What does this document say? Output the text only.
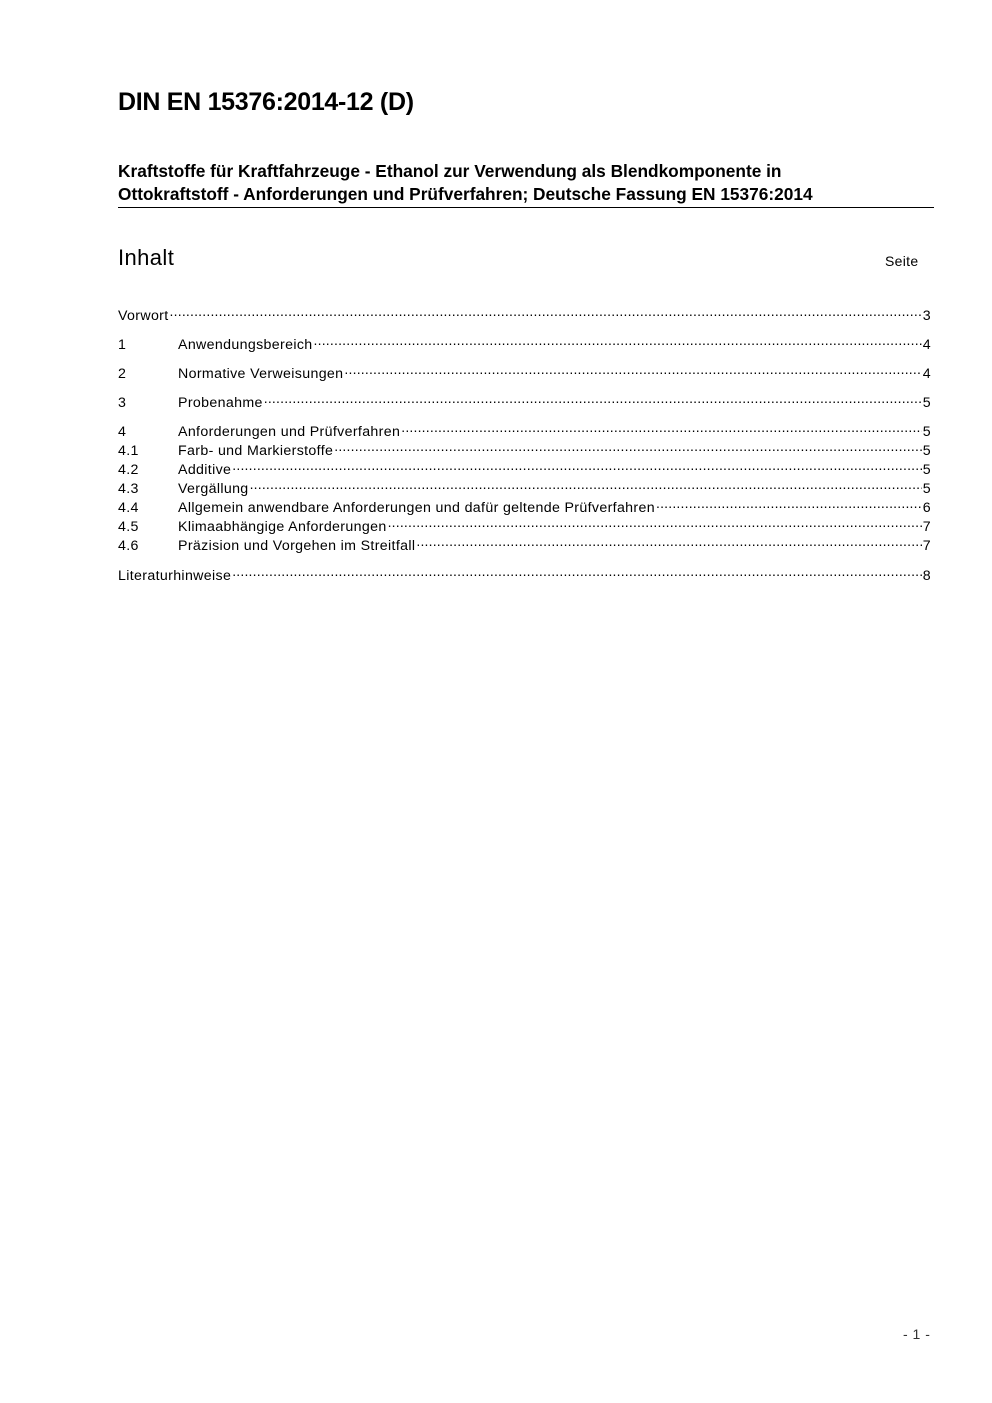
DIN EN 15376:2014-12 (D)
Kraftstoffe für Kraftfahrzeuge - Ethanol zur Verwendung als Blendkomponente in
Ottokraftstoff - Anforderungen und Prüfverfahren; Deutsche Fassung EN 15376:2014
Inhalt	Seite
Vorwort .....	3
1	Anwendungsbereich .....	4
2	Normative Verweisungen .....	4
3	Probenahme .....	5
4	Anforderungen und Prüfverfahren .....	5
4.1	Farb- und Markierstoffe .....	5
4.2	Additive .....	5
4.3	Vergällung .....	5
4.4	Allgemein anwendbare Anforderungen und dafür geltende Prüfverfahren .....	6
4.5	Klimaabhängige Anforderungen .....	7
4.6	Präzision und Vorgehen im Streitfall .....	7
Literaturhinweise .....	8
- 1 -
